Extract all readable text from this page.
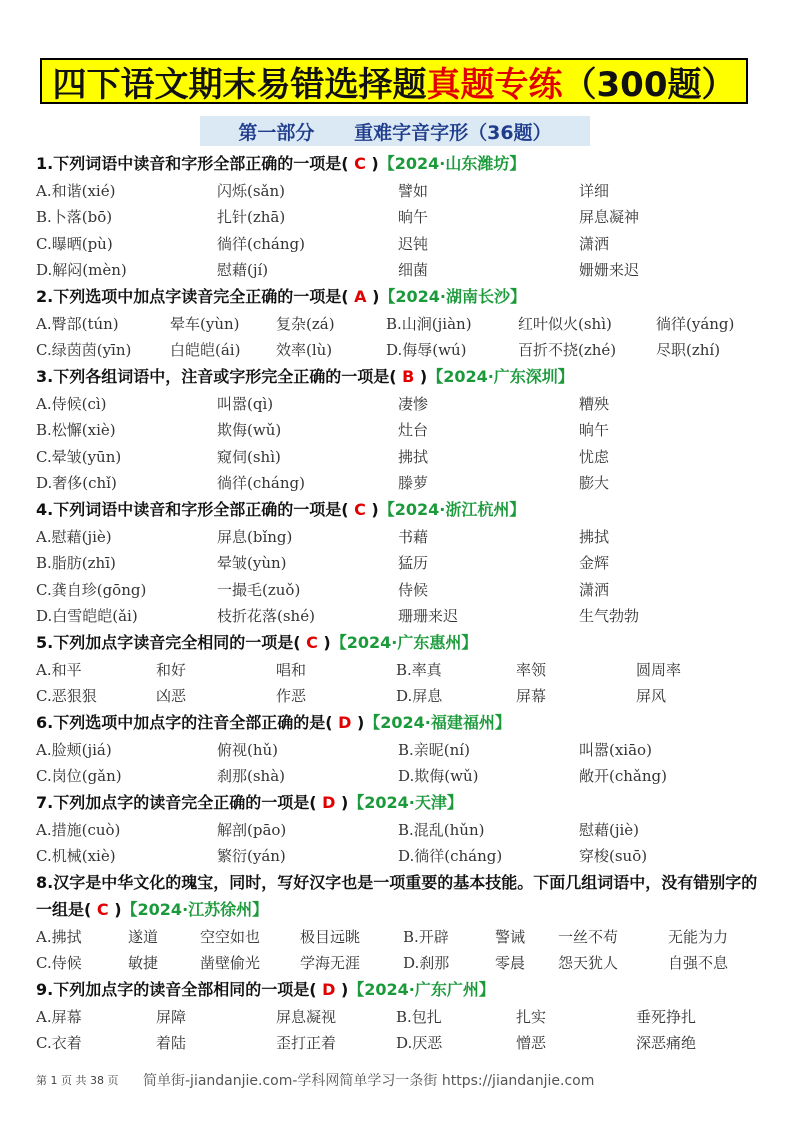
四下语文期末易错选择题 真题专练 （300题）
第一部分      重难字音字形（36题）
1.下列词语中读音和字形全部正确的一项是( C )【2024·山东潍坊】
A.和谐(xié)	闪烁(sǎn)	譬如	详细
B.卜落(bō)	扎针(zhā)	晌午	屏息凝神
C.曝晒(pù)	徜徉(cháng)	迟钝	潇洒
D.解闷(mèn)	慰藉(jí)	细菌	姗姗来迟
2.下列选项中加点字读音完全正确的一项是( A )【2024·湖南长沙】
A.臀部(tún)	晕车(yùn)	复杂(zá)	B.山涧(jiàn)	红叶似火(shì)	徜徉(yáng)
C.绿茵茵(yīn)	白皑皑(ái)	效率(lù)	D.侮辱(wú)	百折不挠(zhé)	尽职(zhí)
3.下列各组词语中，注音或字形完全正确的一项是( B )【2024·广东深圳】
A.侍候(cì)	叫嚣(qì)	凄惨	糟殃
B.松懈(xiè)	欺侮(wǔ)	灶台	晌午
C.晕皱(yūn)	窥伺(shì)	拂拭	忧虑
D.奢侈(chǐ)	徜徉(cháng)	滕萝	膨大
4.下列词语中读音和字形全部正确的一项是( C )【2024·浙江杭州】
A.慰藉(jiè)	屏息(bǐng)	书藉	拂拭
B.脂肪(zhī)	晕皱(yùn)	猛历	金辉
C.龚自珍(gōng)	一撮毛(zuǒ)	侍候	潇洒
D.白雪皑皑(ǎi)	枝折花落(shé)	珊珊来迟	生气勃勃
5.下列加点字读音完全相同的一项是( C )【2024·广东惠州】
A.和平	和好	唱和	B.率真	率领	圆周率
C.恶狠狠	凶恶	作恶	D.屏息	屏幕	屏风
6.下列选项中加点字的注音全部正确的是( D )【2024·福建福州】
A.脸颊(jiá)	俯视(hǔ)	B.亲昵(ní)	叫嚣(xiāo)
C.岗位(gǎn)	刹那(shà)	D.欺侮(wǔ)	敞开(chǎng)
7.下列加点字的读音完全正确的一项是( D )【2024·天津】
A.措施(cuò)	解剖(pāo)	B.混乱(hǔn)	慰藉(jiè)
C.机械(xiè)	繁衍(yán)	D.徜徉(cháng)	穿梭(suō)
8.汉字是中华文化的瑰宝，同时，写好汉字也是一项重要的基本技能。下面几组词语中，没有错别字的一组是( C )【2024·江苏徐州】
A.拂拭	遂道	空空如也	极目远眺	B.开辟	警诫	一丝不苟	无能为力
C.侍候	敏捷	凿壁偷光	学海无涯	D.刹那	零晨	怨天犹人	自强不息
9.下列加点字的读音全部相同的一项是( D )【2024·广东广州】
A.屏幕	屏障	屏息凝视	B.包扎	扎实	垂死挣扎
C.衣着	着陆	歪打正着	D.厌恶	憎恶	深恶痛绝
第 1 页 共 38 页 简单街-jiandanjie.com-学科网简单学习一条街 https://jiandanjie.com
